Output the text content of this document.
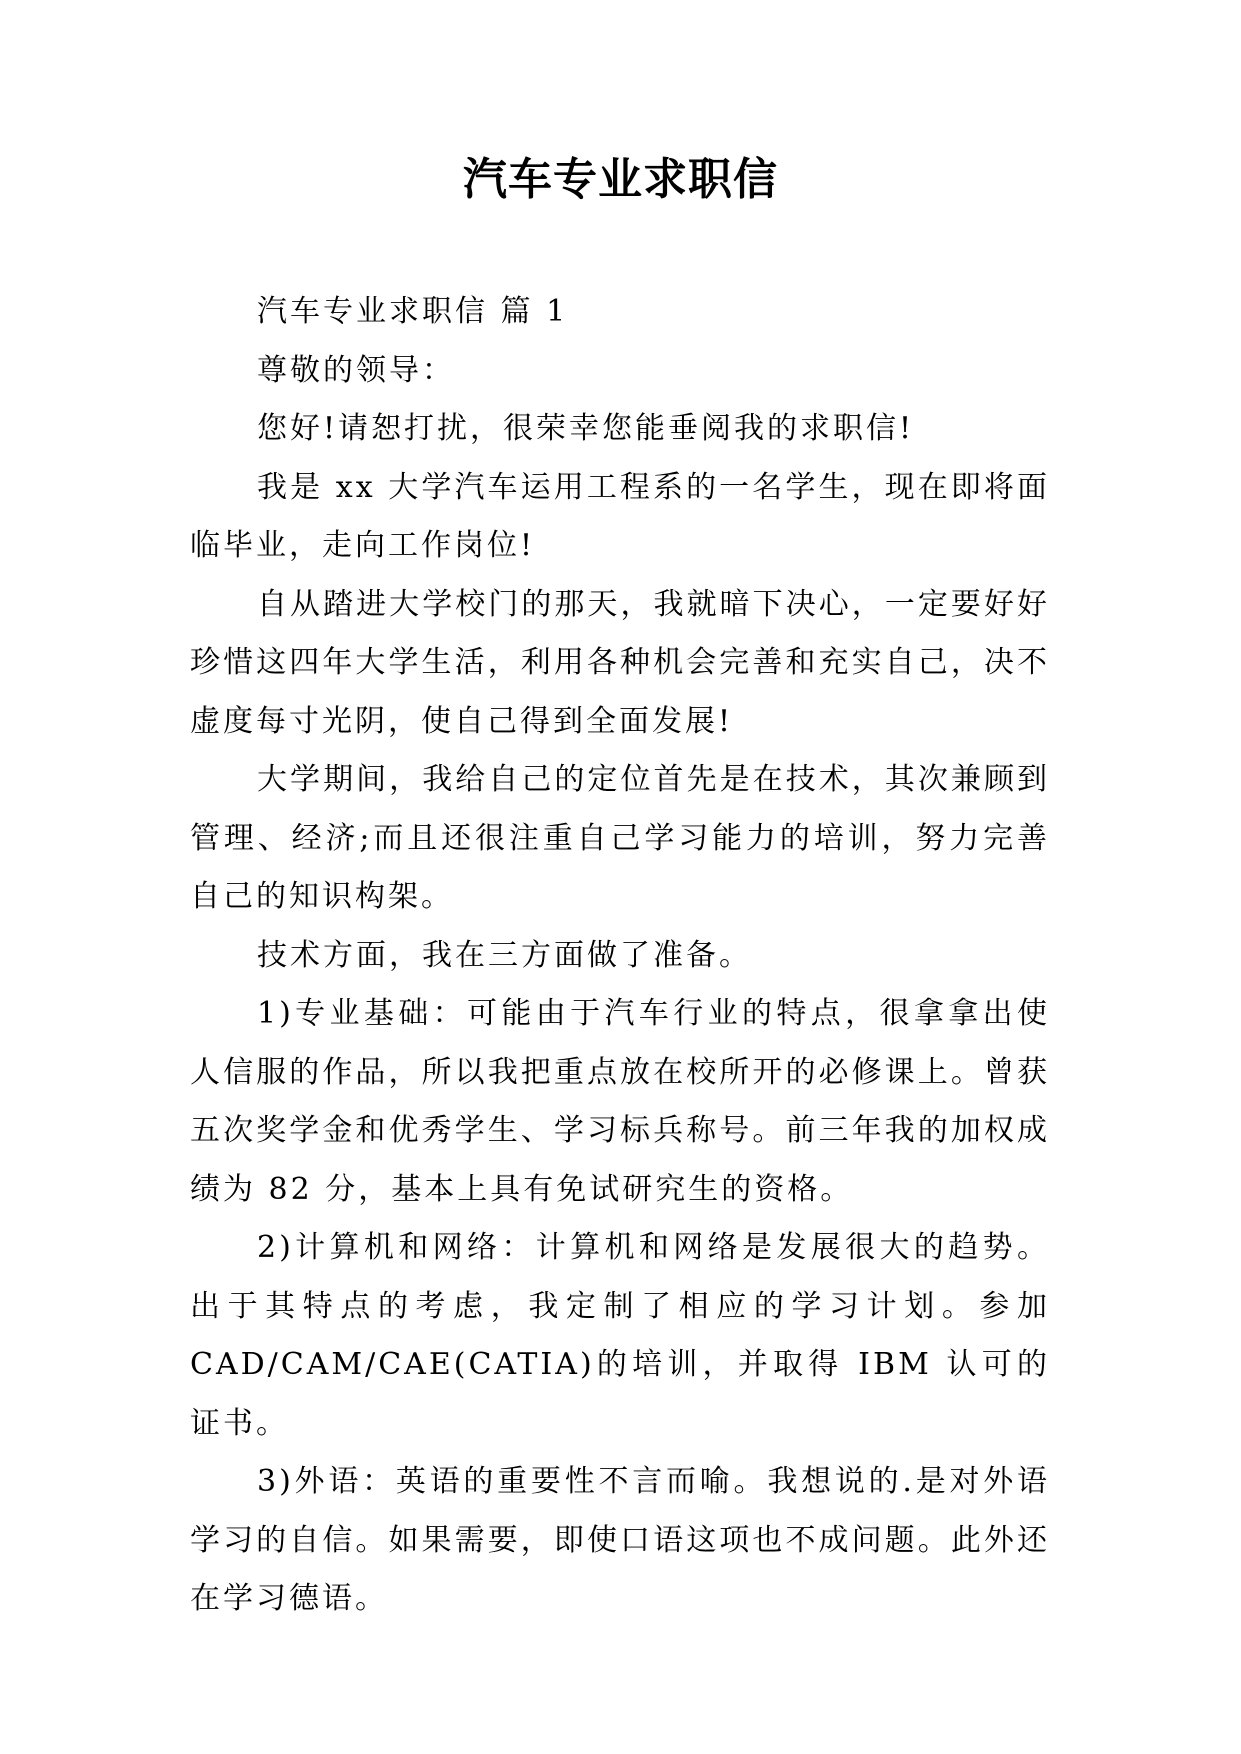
汽车专业求职信

汽车专业求职信 篇 1

尊敬的领导：

您好!请恕打扰，很荣幸您能垂阅我的求职信!

我是 xx 大学汽车运用工程系的一名学生，现在即将面临毕业，走向工作岗位!

自从踏进大学校门的那天，我就暗下决心，一定要好好珍惜这四年大学生活，利用各种机会完善和充实自己，决不虚度每寸光阴，使自己得到全面发展!

大学期间，我给自己的定位首先是在技术，其次兼顾到管理、经济;而且还很注重自己学习能力的培训，努力完善自己的知识构架。

技术方面，我在三方面做了准备。

1)专业基础：可能由于汽车行业的特点，很拿拿出使人信服的作品，所以我把重点放在校所开的必修课上。曾获五次奖学金和优秀学生、学习标兵称号。前三年我的加权成绩为 82 分，基本上具有免试研究生的资格。

2)计算机和网络：计算机和网络是发展很大的趋势。出于其特点的考虑，我定制了相应的学习计划。参加 CAD/CAM/CAE(CATIA)的培训，并取得 IBM 认可的证书。

3)外语：英语的重要性不言而喻。我想说的.是对外语学习的自信。如果需要，即使口语这项也不成问题。此外还在学习德语。
